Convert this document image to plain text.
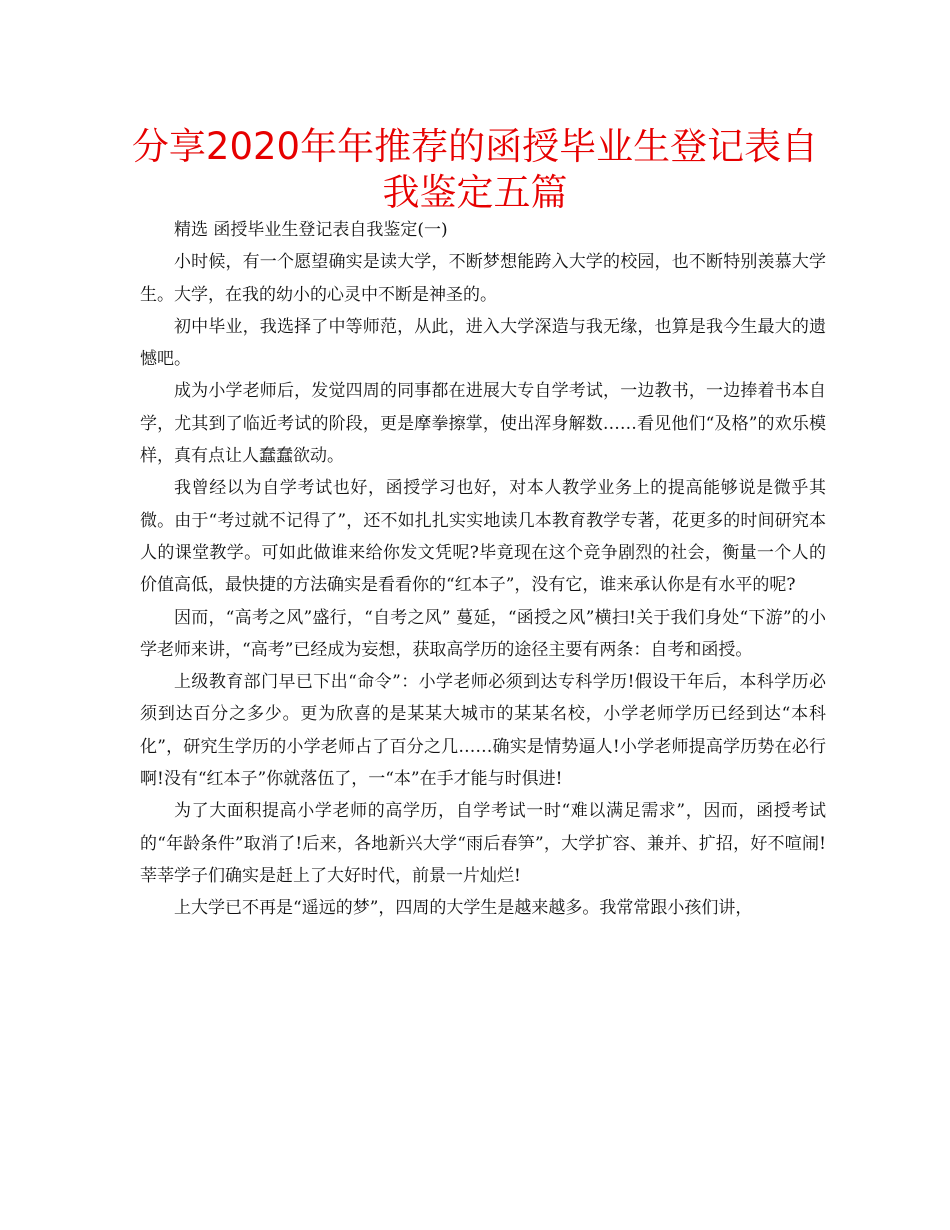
分享2020年年推荐的函授毕业生登记表自我鉴定五篇

精选 函授毕业生登记表自我鉴定(一)

小时候，有一个愿望确实是读大学，不断梦想能跨入大学的校园，也不断特别羡慕大学生。大学，在我的幼小的心灵中不断是神圣的。

初中毕业，我选择了中等师范，从此，进入大学深造与我无缘，也算是我今生最大的遗憾吧。

成为小学老师后，发觉四周的同事都在进展大专自学考试，一边教书，一边捧着书本自学，尤其到了临近考试的阶段，更是摩拳擦掌，使出浑身解数……看见他们“及格”的欢乐模样，真有点让人蠢蠢欲动。

我曾经以为自学考试也好，函授学习也好，对本人教学业务上的提高能够说是微乎其微。由于“考过就不记得了”，还不如扎扎实实地读几本教育教学专著，花更多的时间研究本人的课堂教学。可如此做谁来给你发文凭呢?毕竟现在这个竞争剧烈的社会，衡量一个人的价值高低，最快捷的方法确实是看看你的“红本子”，没有它，谁来承认你是有水平的呢?

因而，“高考之风”盛行，“自考之风” 蔓延，“函授之风”横扫!关于我们身处“下游”的小学老师来讲，“高考”已经成为妄想，获取高学历的途径主要有两条：自考和函授。

上级教育部门早已下出“命令”：小学老师必须到达专科学历!假设干年后，本科学历必须到达百分之多少。更为欣喜的是某某大城市的某某名校，小学老师学历已经到达“本科化”，研究生学历的小学老师占了百分之几……确实是情势逼人!小学老师提高学历势在必行啊!没有“红本子”你就落伍了，一“本”在手才能与时俱进!

为了大面积提高小学老师的高学历，自学考试一时“难以满足需求”，因而，函授考试的“年龄条件”取消了!后来，各地新兴大学“雨后春笋”，大学扩容、兼并、扩招，好不喧闹!莘莘学子们确实是赶上了大好时代，前景一片灿烂!

上大学已不再是“遥远的梦”，四周的大学生是越来越多。我常常跟小孩们讲，
